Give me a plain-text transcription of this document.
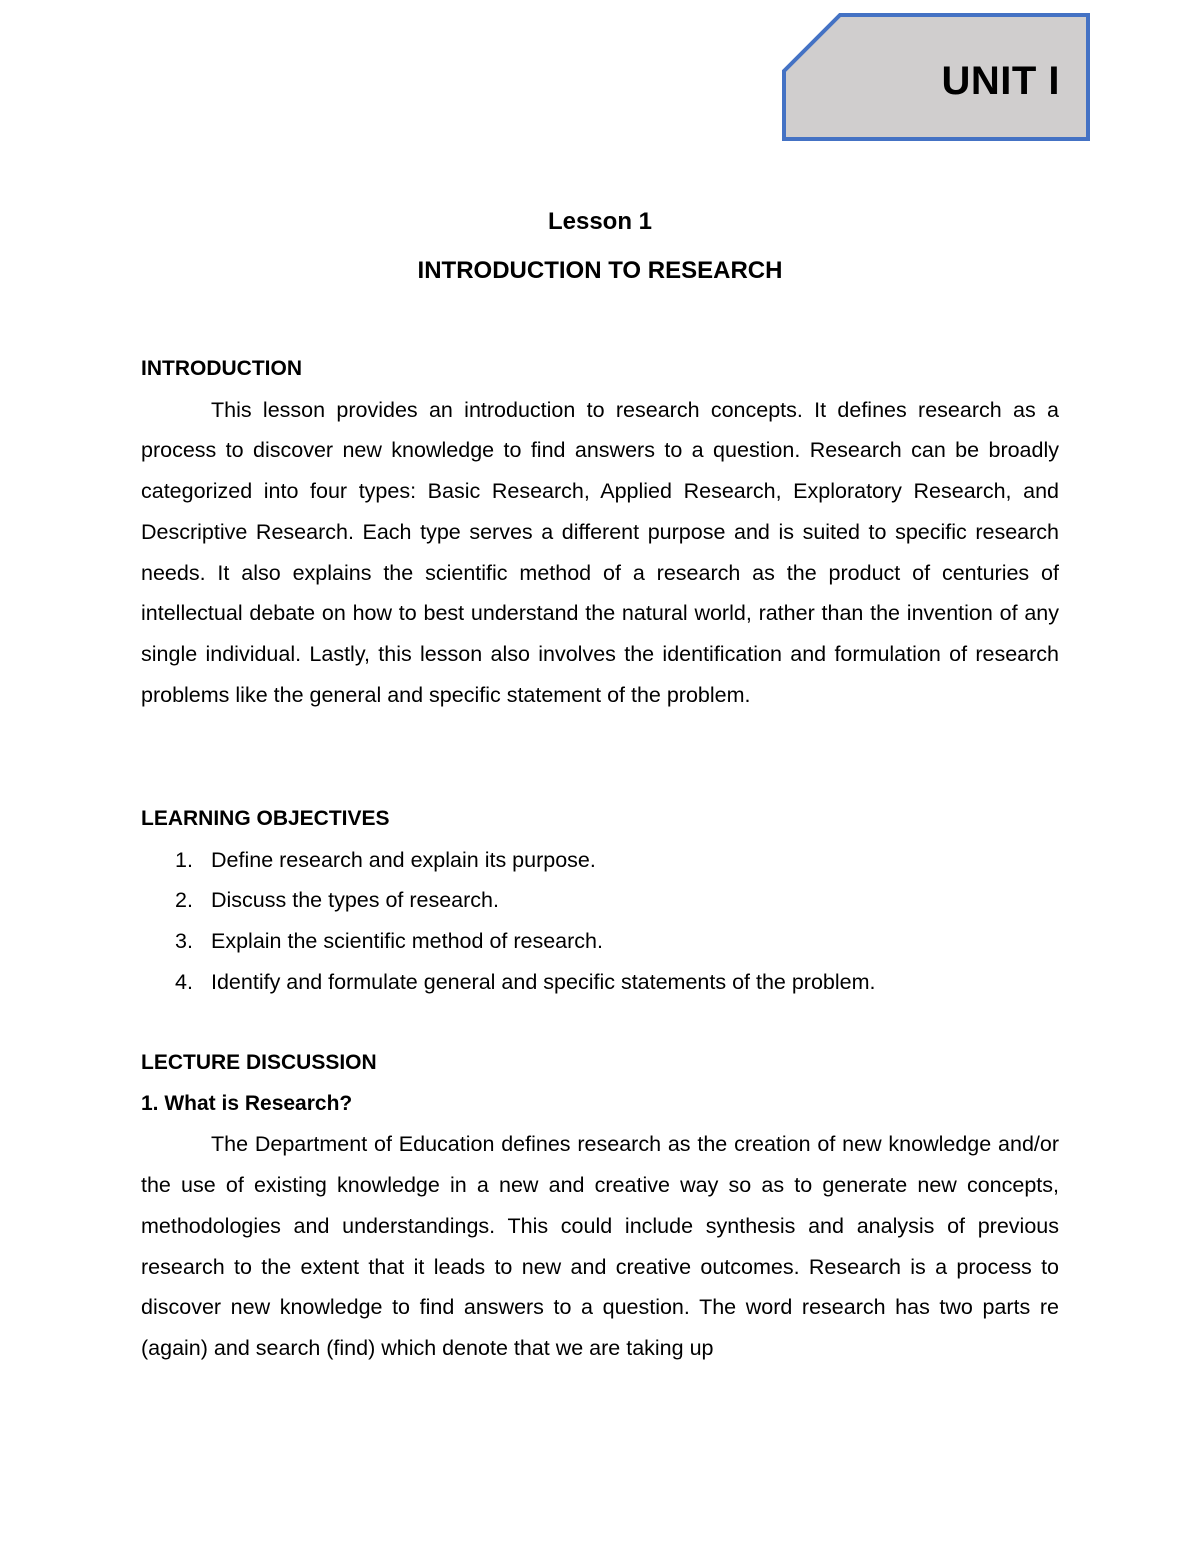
UNIT I
Lesson 1
INTRODUCTION TO RESEARCH

INTRODUCTION

This lesson provides an introduction to research concepts. It defines research as a process to discover new knowledge to find answers to a question. Research can be broadly categorized into four types: Basic Research, Applied Research, Exploratory Research, and Descriptive Research. Each type serves a different purpose and is suited to specific research needs. It also explains the scientific method of a research as the product of centuries of intellectual debate on how to best understand the natural world, rather than the invention of any single individual. Lastly, this lesson also involves the identification and formulation of research problems like the general and specific statement of the problem.

LEARNING OBJECTIVES

1. Define research and explain its purpose.
2. Discuss the types of research.
3. Explain the scientific method of research.
4. Identify and formulate general and specific statements of the problem.

LECTURE DISCUSSION

1. What is Research?

The Department of Education defines research as the creation of new knowledge and/or the use of existing knowledge in a new and creative way so as to generate new concepts, methodologies and understandings. This could include synthesis and analysis of previous research to the extent that it leads to new and creative outcomes. Research is a process to discover new knowledge to find answers to a question. The word research has two parts re (again) and search (find) which denote that we are taking up
